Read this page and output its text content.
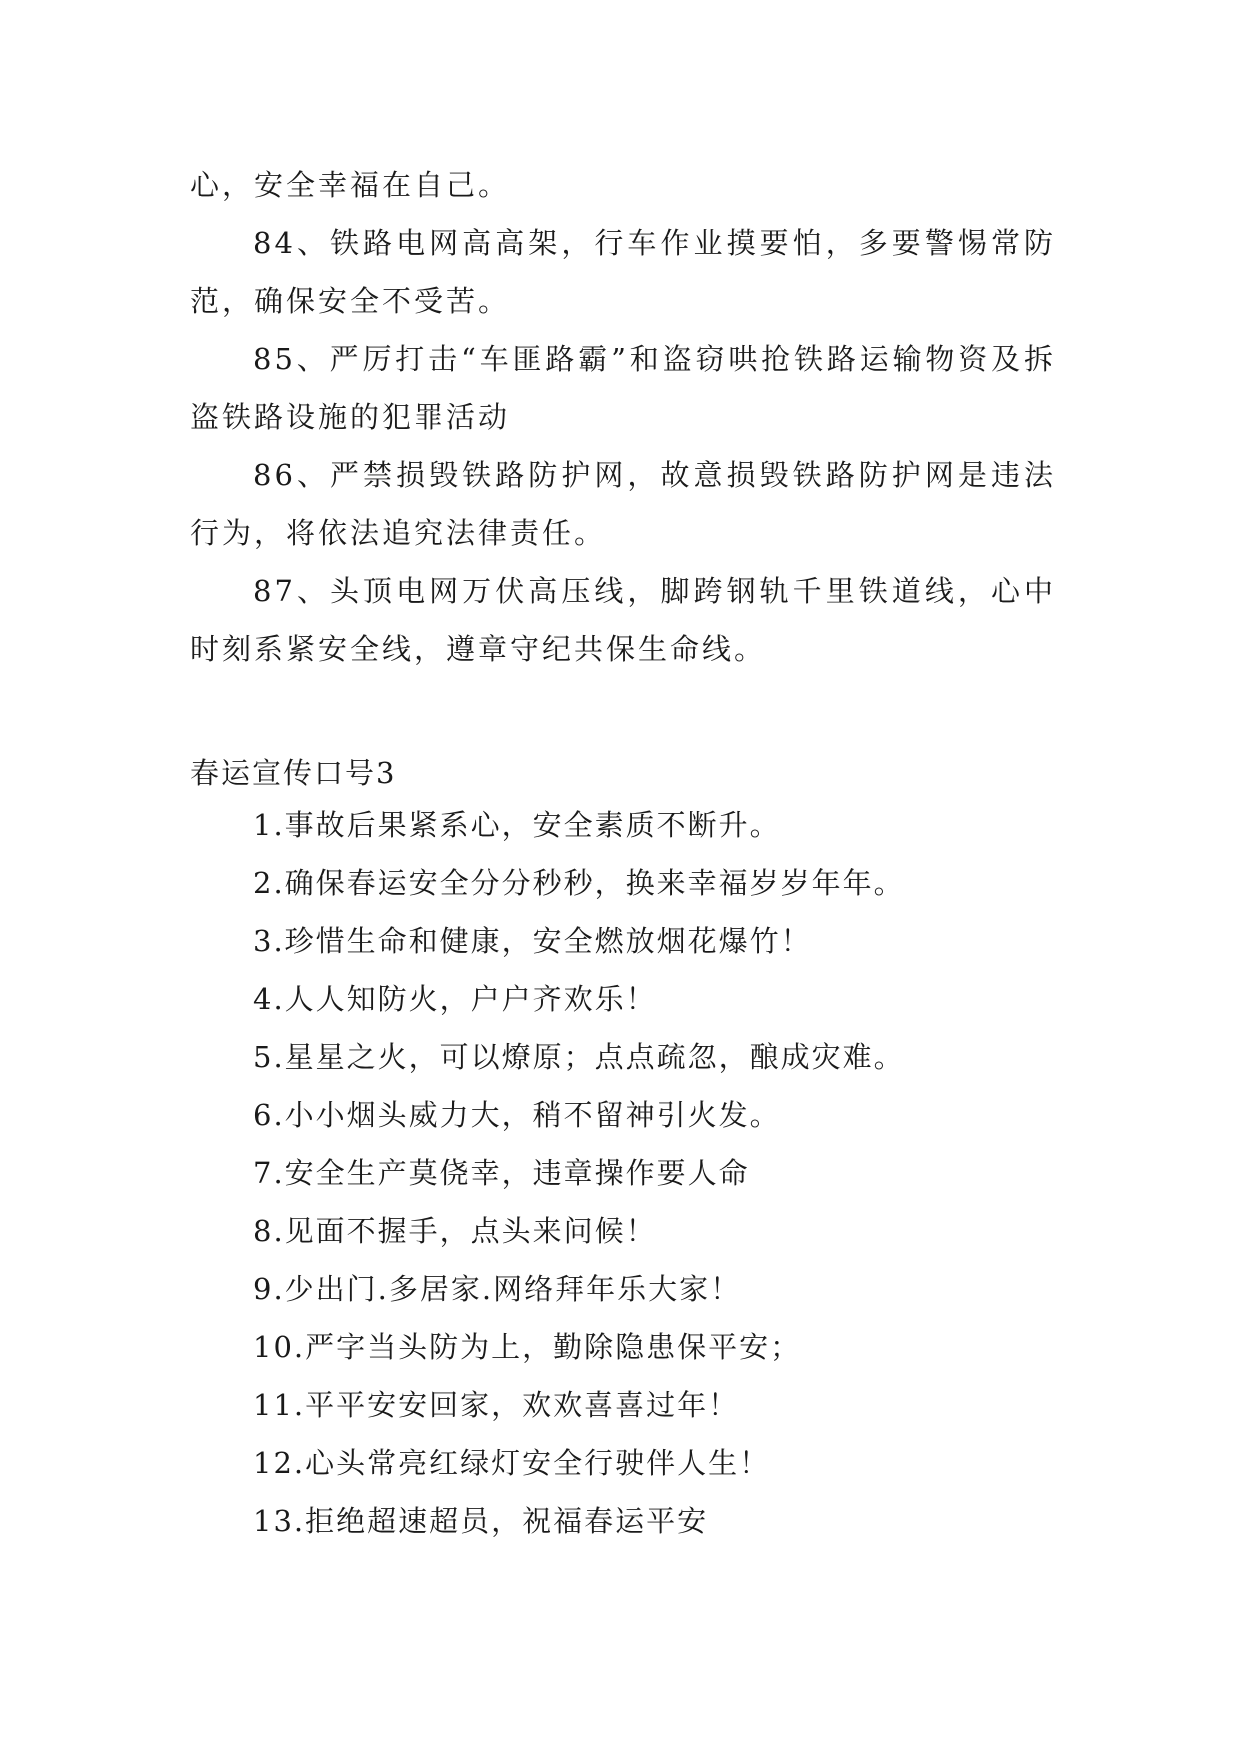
心，安全幸福在自己。

84、铁路电网高高架，行车作业摸要怕，多要警惕常防范，确保安全不受苦。

85、严厉打击“车匪路霸”和盗窃哄抢铁路运输物资及拆盗铁路设施的犯罪活动

86、严禁损毁铁路防护网，故意损毁铁路防护网是违法行为，将依法追究法律责任。

87、头顶电网万伏高压线，脚跨钢轨千里铁道线，心中时刻系紧安全线，遵章守纪共保生命线。

春运宣传口号3
1.事故后果紧系心，安全素质不断升。
2.确保春运安全分分秒秒，换来幸福岁岁年年。
3.珍惜生命和健康，安全燃放烟花爆竹！
4.人人知防火，户户齐欢乐！
5.星星之火，可以燎原；点点疏忽，酿成灾难。
6.小小烟头威力大，稍不留神引火发。
7.安全生产莫侥幸，违章操作要人命
8.见面不握手，点头来问候！
9.少出门.多居家.网络拜年乐大家！
10.严字当头防为上，勤除隐患保平安；
11.平平安安回家，欢欢喜喜过年！
12.心头常亮红绿灯安全行驶伴人生！
13.拒绝超速超员，祝福春运平安
